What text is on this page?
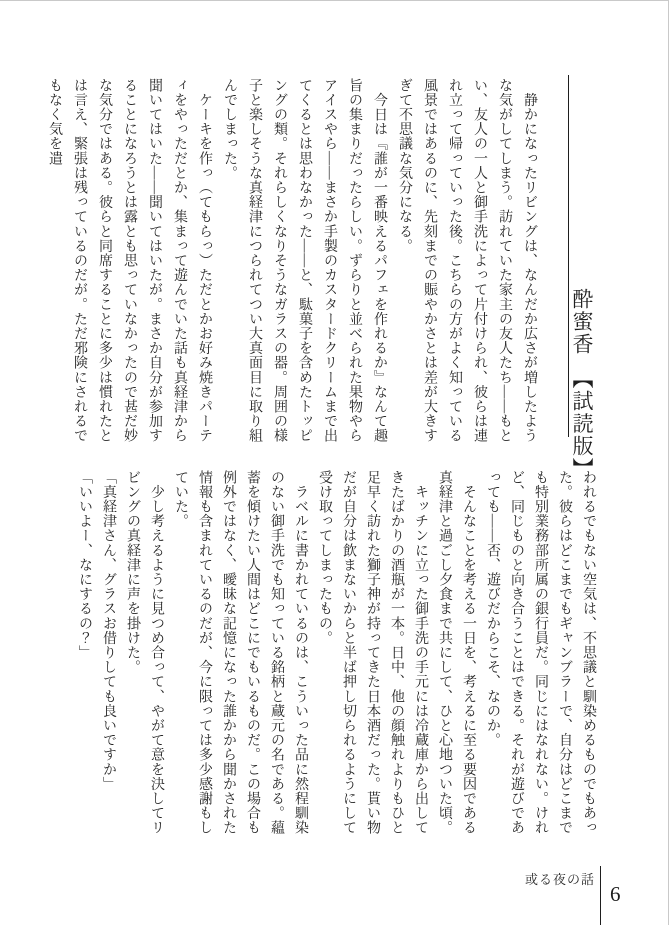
酔蜜香　【試読版】

　静かになったリビングは、なんだか広さが増したような気がしてしまう。訪れていた家主の友人たち――もとい、友人の一人と御手洗によって片付けられ、彼らは連れ立って帰っていった後。こちらの方がよく知っている風景ではあるのに、先刻までの賑やかさとは差が大きすぎて不思議な気分になる。

　今日は『誰が一番映えるパフェを作れるか』なんて趣旨の集まりだったらしい。ずらりと並べられた果物やらアイスやら――まさか手製のカスタードクリームまで出てくるとは思わなかった――と、駄菓子を含めたトッピングの類。それらしくなりそうなガラスの器。周囲の様子と楽しそうな真経津につられてつい大真面目に取り組んでしまった。

　ケーキを作っ（てもらっ）ただとかお好み焼きパーティをやっただとか、集まって遊んでいた話も真経津から聞いてはいた――聞いてはいたが。まさか自分が参加することになろうとは露とも思っていなかったので甚だ妙な気分ではある。彼らと同席することに多少は慣れたとは言え、緊張は残っているのだが。ただ邪険にされるでもなく気を遣

われるでもない空気は、不思議と馴染めるものでもあった。彼らはどこまでもギャンブラーで、自分はどこまでも特別業務部所属の銀行員だ。同じにはなれない。けれど、同じものと向き合うことはできる。それが遊びであっても――否、遊びだからこそ、なのか。

　そんなことを考える一日を、考えるに至る要因である真経津と過ごし夕食まで共にして、ひと心地ついた頃。

　キッチンに立った御手洗の手元には冷蔵庫から出してきたばかりの酒瓶が一本。日中、他の顔触れよりもひと足早く訪れた獅子神が持ってきた日本酒だった。貰い物だが自分は飲まないからと半ば押し切られるようにして受け取ってしまったもの。

　ラベルに書かれているのは、こういった品に然程馴染のない御手洗でも知っている銘柄と蔵元の名である。蘊蓄を傾けたい人間はどこにでもいるものだ。この場合も例外ではなく、曖昧な記憶になった誰かから聞かされた情報も含まれているのだが、今に限っては多少感謝もしていた。

　少し考えるように見つめ合って、やがて意を決してリビングの真経津に声を掛けた。

「真経津さん、グラスお借りしても良いですか」

「いいよー、なにするの？」

或る夜の話
6
